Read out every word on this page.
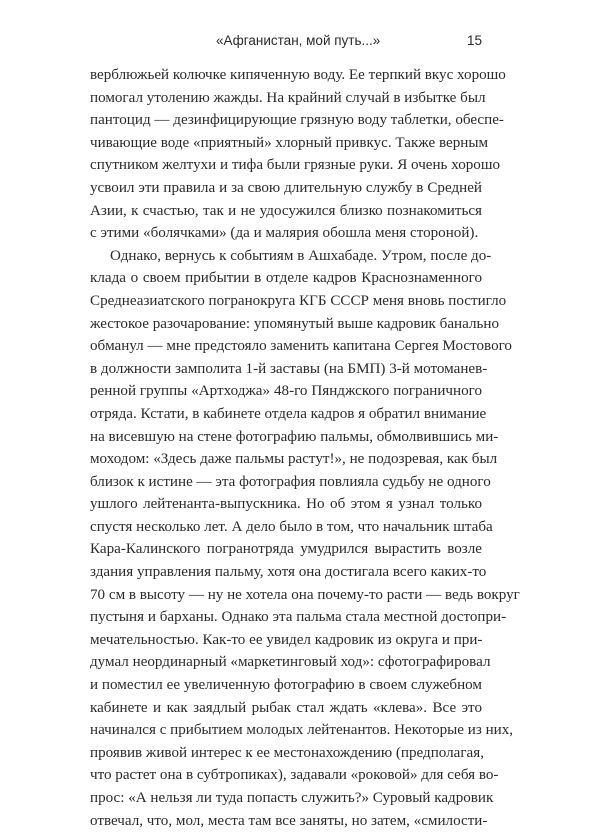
«Афганистан, мой путь...»	15
верблюжьей колючке кипяченную воду. Ее терпкий вкус хорошо
помогал утолению жажды. На крайний случай в избытке был
пантоцид — дезинфицирующие грязную воду таблетки, обеспе-
чивающие воде «приятный» хлорный привкус. Также верным
спутником желтухи и тифа были грязные руки. Я очень хорошо
усвоил эти правила и за свою длительную службу в Средней
Азии, к счастью, так и не удосужился близко познакомиться
с этими «болячками» (да и малярия обошла меня стороной).
Однако, вернусь к событиям в Ашхабаде. Утром, после до-
клада о своем прибытии в отделе кадров Краснознаменного
Среднеазиатского погранокруга КГБ СССР меня вновь постигло
жестокое разочарование: упомянутый выше кадровик банально
обманул — мне предстояло заменить капитана Сергея Мостового
в должности замполита 1-й заставы (на БМП) 3-й мотоманев-
ренной группы «Артходжа» 48-го Пянджского пограничного
отряда. Кстати, в кабинете отдела кадров я обратил внимание
на висевшую на стене фотографию пальмы, обмолвившись ми-
моходом: «Здесь даже пальмы растут!», не подозревая, как был
близок к истине — эта фотография повлияла судьбу не одного
ушлого лейтенанта-выпускника. Но об этом я узнал только
спустя несколько лет. А дело было в том, что начальник штаба
Кара-Калинского погранотряда умудрился вырастить возле
здания управления пальму, хотя она достигала всего каких-то
70 см в высоту — ну не хотела она почему-то расти — ведь вокруг
пустыня и барханы. Однако эта пальма стала местной достопри-
мечательностью. Как-то ее увидел кадровик из округа и при-
думал неординарный «маркетинговый ход»: сфотографировал
и поместил ее увеличенную фотографию в своем служебном
кабинете и как заядлый рыбак стал ждать «клева». Все это
начинался с прибытием молодых лейтенантов. Некоторые из них,
проявив живой интерес к ее местонахождению (предполагая,
что растет она в субтропиках), задавали «роковой» для себя во-
прос: «А нельзя ли туда попасть служить?» Суровый кадровик
отвечал, что, мол, места там все заняты, но затем, «смилости-
